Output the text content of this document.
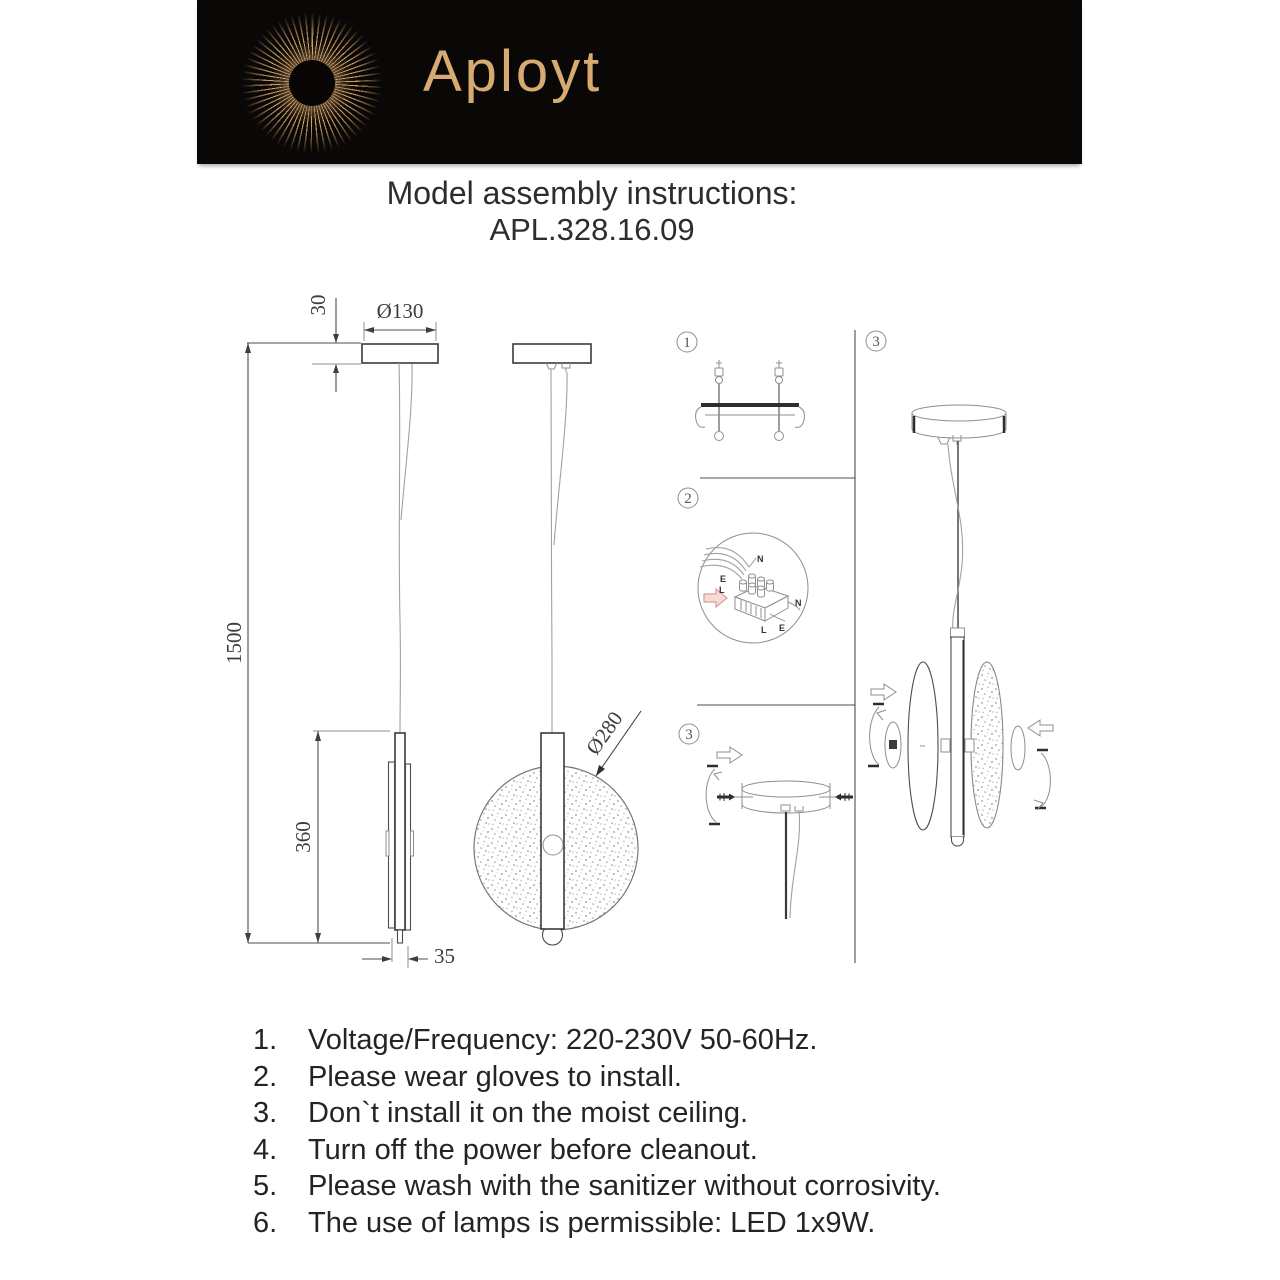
Aployt
Model assembly instructions:
APL.328.16.09
Ø130
30
1500
360
35
Ø280
1
2
3
3
N
E
L
N
L E
1.	Voltage/Frequency: 220-230V 50-60Hz.
2.	Please wear gloves to install.
3.	Don`t install it on the moist ceiling.
4.	Turn off the power before cleanout.
5.	Please wash with the sanitizer without corrosivity.
6.	The use of lamps is permissible: LED 1x9W.
